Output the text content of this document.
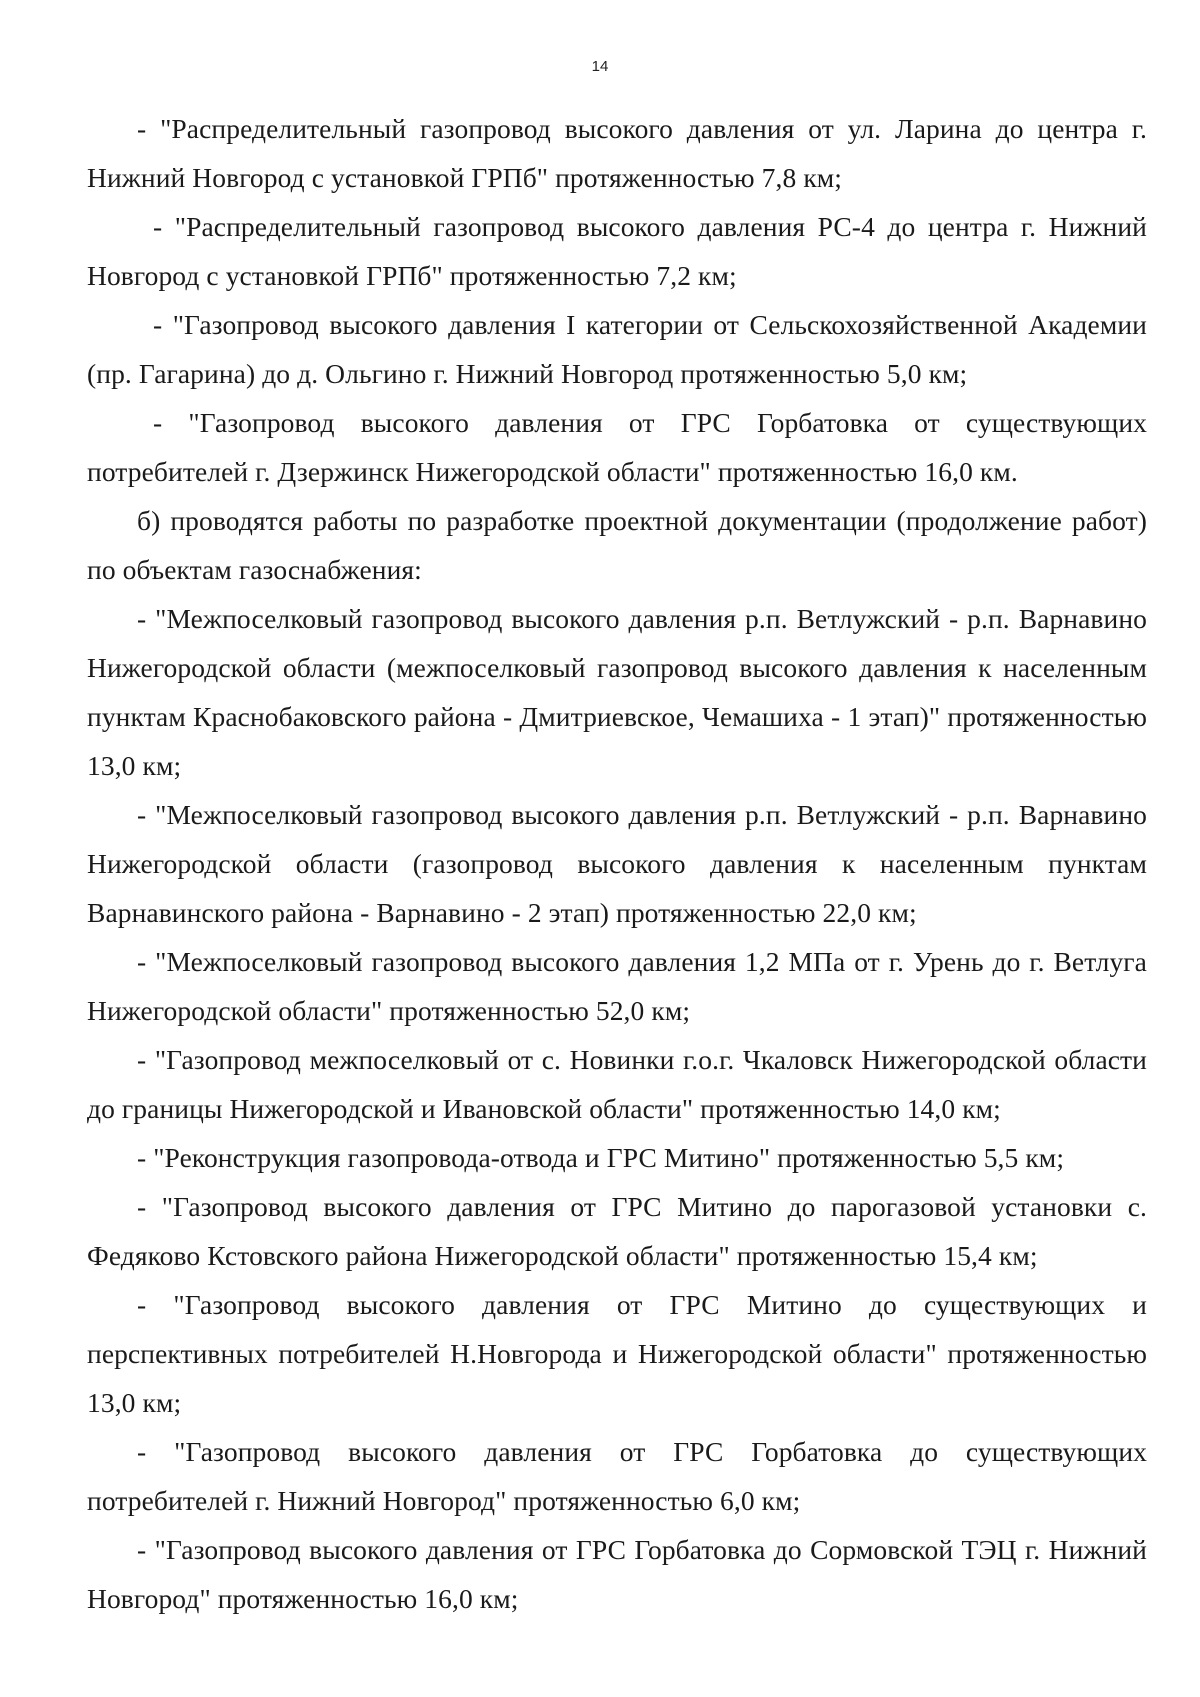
14

- "Распределительный газопровод высокого давления от ул. Ларина до центра г. Нижний Новгород с установкой ГРПб" протяженностью 7,8 км;

- "Распределительный газопровод высокого давления РС-4 до центра г. Нижний Новгород с установкой ГРПб" протяженностью 7,2 км;

- "Газопровод высокого давления I категории от Сельскохозяйственной Академии (пр. Гагарина) до д. Ольгино г. Нижний Новгород протяженностью 5,0 км;

- "Газопровод высокого давления от ГРС Горбатовка от существующих потребителей г. Дзержинск Нижегородской области" протяженностью 16,0 км.

б) проводятся работы по разработке проектной документации (продолжение работ) по объектам газоснабжения:

- "Межпоселковый газопровод высокого давления р.п. Ветлужский - р.п. Варнавино Нижегородской области (межпоселковый газопровод высокого давления к населенным пунктам Краснобаковского района - Дмитриевское, Чемашиха - 1 этап)" протяженностью 13,0 км;

- "Межпоселковый газопровод высокого давления р.п. Ветлужский - р.п. Варнавино Нижегородской области (газопровод высокого давления к населенным пунктам Варнавинского района - Варнавино - 2 этап) протяженностью 22,0 км;

- "Межпоселковый газопровод высокого давления 1,2 МПа от г. Урень до г. Ветлуга Нижегородской области" протяженностью 52,0 км;

- "Газопровод межпоселковый от с. Новинки г.о.г. Чкаловск Нижегородской области до границы Нижегородской и Ивановской области" протяженностью 14,0 км;

- "Реконструкция газопровода-отвода и ГРС Митино" протяженностью 5,5 км;

- "Газопровод высокого давления от ГРС Митино до парогазовой установки с. Федяково Кстовского района Нижегородской области" протяженностью 15,4 км;

- "Газопровод высокого давления от ГРС Митино до существующих и перспективных потребителей Н.Новгорода и Нижегородской области" протяженностью 13,0 км;

- "Газопровод высокого давления от ГРС Горбатовка до существующих потребителей г. Нижний Новгород" протяженностью 6,0 км;

- "Газопровод высокого давления от ГРС Горбатовка до Сормовской ТЭЦ г. Нижний Новгород" протяженностью 16,0 км;
